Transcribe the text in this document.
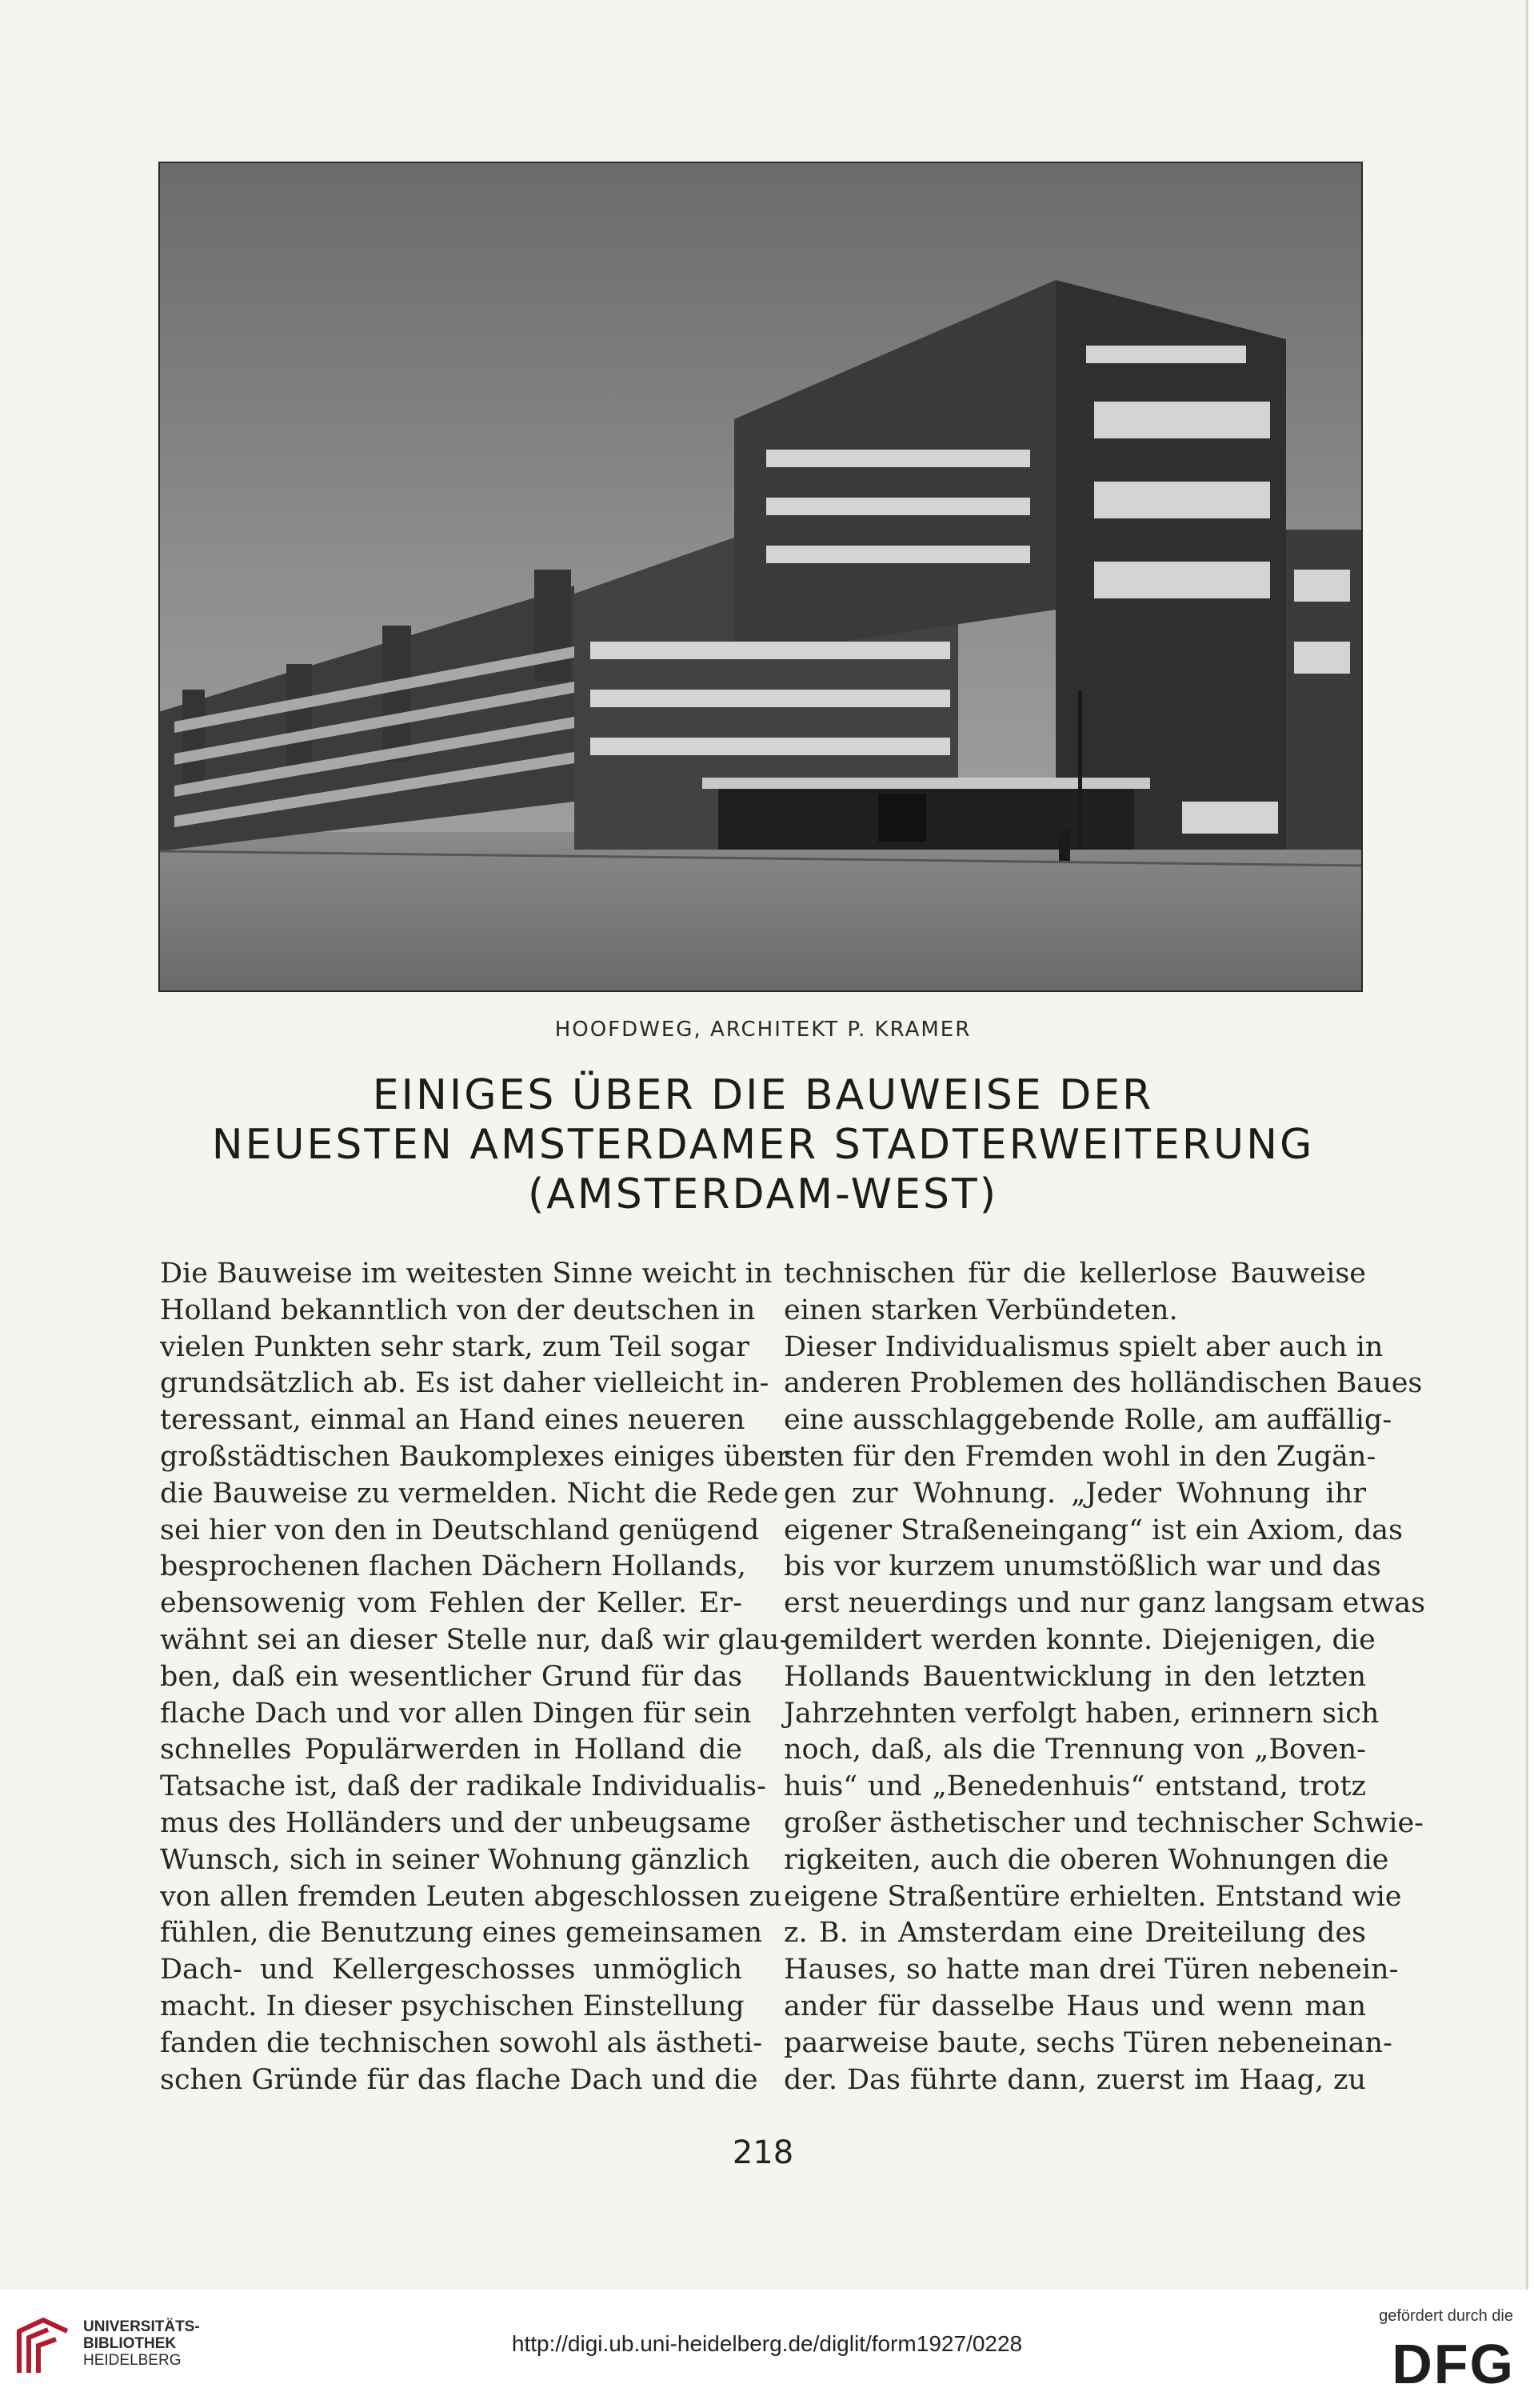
HOOFDWEG, ARCHITEKT P. KRAMER
EINIGES ÜBER DIE BAUWEISE DER
NEUESTEN AMSTERDAMER STADTERWEITERUNG
(AMSTERDAM-WEST)
Die Bauweise im weitesten Sinne weicht in
Holland bekanntlich von der deutschen in
vielen Punkten sehr stark, zum Teil sogar
grundsätzlich ab. Es ist daher vielleicht in-
teressant, einmal an Hand eines neueren
großstädtischen Baukomplexes einiges über
die Bauweise zu vermelden. Nicht die Rede
sei hier von den in Deutschland genügend
besprochenen flachen Dächern Hollands,
ebensowenig vom Fehlen der Keller. Er-
wähnt sei an dieser Stelle nur, daß wir glau-
ben, daß ein wesentlicher Grund für das
flache Dach und vor allen Dingen für sein
schnelles Populärwerden in Holland die
Tatsache ist, daß der radikale Individualis-
mus des Holländers und der unbeugsame
Wunsch, sich in seiner Wohnung gänzlich
von allen fremden Leuten abgeschlossen zu
fühlen, die Benutzung eines gemeinsamen
Dach- und Kellergeschosses unmöglich
macht. In dieser psychischen Einstellung
fanden die technischen sowohl als ästheti-
schen Gründe für das flache Dach und die
technischen für die kellerlose Bauweise
einen starken Verbündeten.
Dieser Individualismus spielt aber auch in
anderen Problemen des holländischen Baues
eine ausschlaggebende Rolle, am auffällig-
sten für den Fremden wohl in den Zugän-
gen zur Wohnung. „Jeder Wohnung ihr
eigener Straßeneingang“ ist ein Axiom, das
bis vor kurzem unumstößlich war und das
erst neuerdings und nur ganz langsam etwas
gemildert werden konnte. Diejenigen, die
Hollands Bauentwicklung in den letzten
Jahrzehnten verfolgt haben, erinnern sich
noch, daß, als die Trennung von „Boven-
huis“ und „Benedenhuis“ entstand, trotz
großer ästhetischer und technischer Schwie-
rigkeiten, auch die oberen Wohnungen die
eigene Straßentüre erhielten. Entstand wie
z. B. in Amsterdam eine Dreiteilung des
Hauses, so hatte man drei Türen nebenein-
ander für dasselbe Haus und wenn man
paarweise baute, sechs Türen nebeneinan-
der. Das führte dann, zuerst im Haag, zu
218
UNIVERSITÄTS-
BIBLIOTHEK
HEIDELBERG
http://digi.ub.uni-heidelberg.de/diglit/form1927/0228
gefördert durch die
DFG
